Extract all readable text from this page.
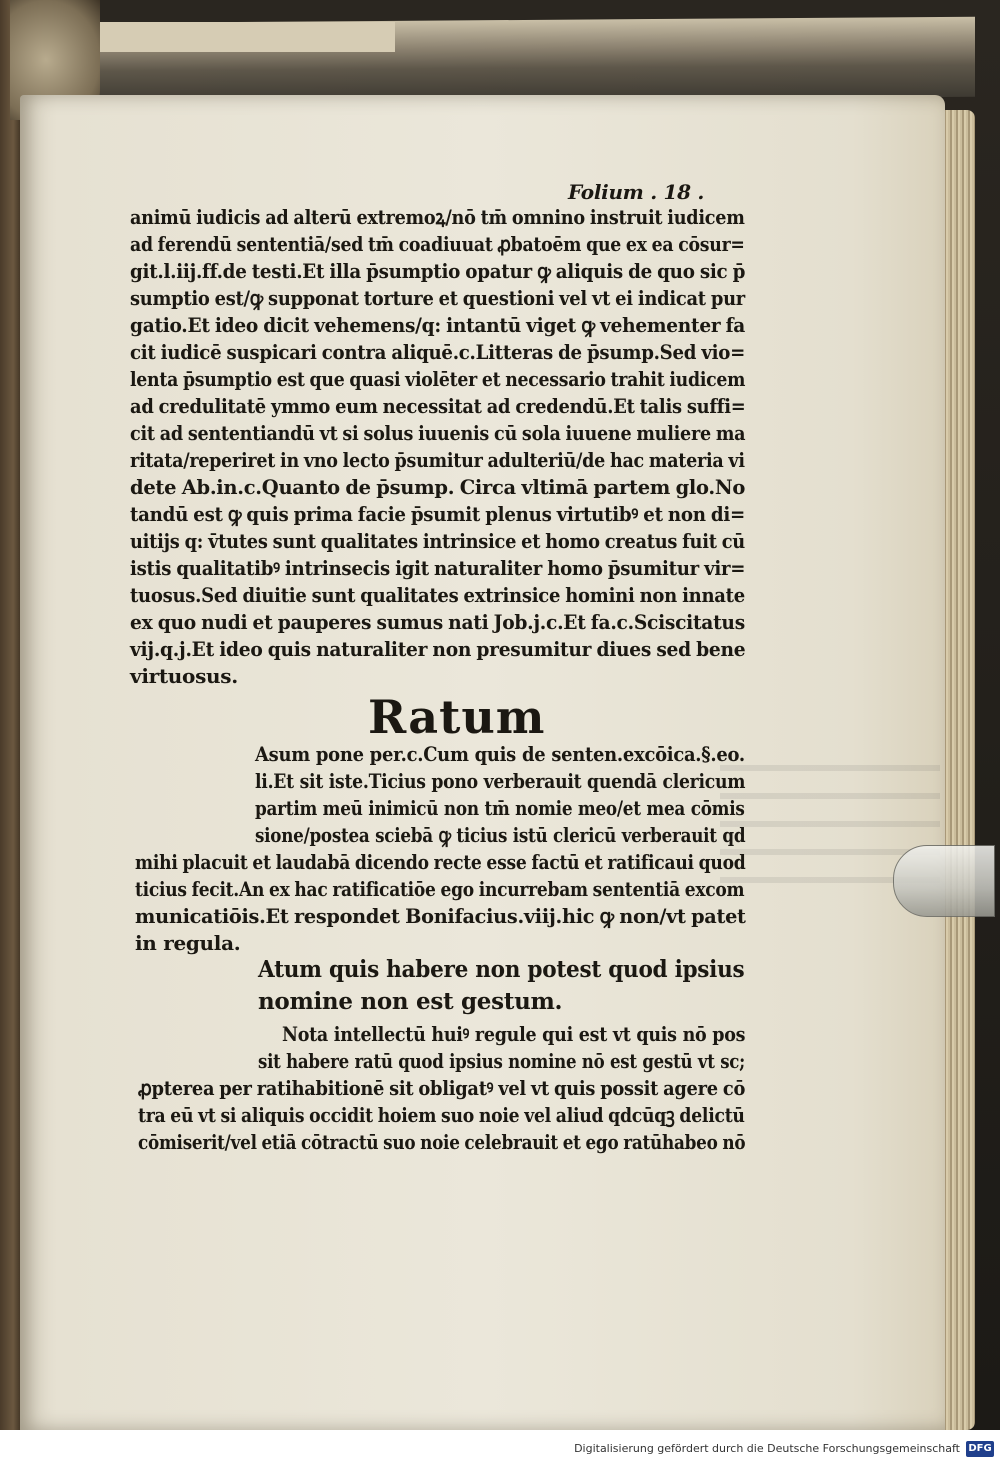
Folium . 18 .
animū iudicis ad alterū extremoꝝ/nō tm̄ omnino instruit iudicem
ad ferendū sententiā/sed tm̄ coadiuuat ꝓbatoēm que ex ea cōsur=
git.l.iij.ff.de testi.Et illa p̄sumptio opatur ꝙ aliquis de quo sic p̄
sumptio est/ꝙ supponat torture et questioni vel vt ei indicat pur
gatio.Et ideo dicit vehemens/q: intantū viget ꝙ vehementer fa
cit iudicē suspicari contra aliquē.c.Litteras de p̄sump.Sed vio=
lenta p̄sumptio est que quasi violēter et necessario trahit iudicem
ad credulitatē ymmo eum necessitat ad credendū.Et talis suffi=
cit ad sententiandū vt si solus iuuenis cū sola iuuene muliere ma
ritata/reperiret in vno lecto p̄sumitur adulteriū/de hac materia vi
dete Ab.in.c.Quanto de p̄sump. Circa vltimā partem glo.No
tandū est ꝙ quis prima facie p̄sumit plenus virtutibꝰ et non di=
uitijs q: v̄tutes sunt qualitates intrinsice et homo creatus fuit cū
istis qualitatibꝰ intrinsecis igit naturaliter homo p̄sumitur vir=
tuosus.Sed diuitie sunt qualitates extrinsice homini non innate
ex quo nudi et pauperes sumus nati Job.j.c.Et fa.c.Sciscitatus
vij.q.j.Et ideo quis naturaliter non presumitur diues sed bene
virtuosus.
Ratum
Asum pone per.c.Cum quis de senten.excōica.§.eo.
li.Et sit iste.Ticius pono verberauit quendā clericum
partim meū inimicū non tm̄ nomie meo/et mea cōmis
sione/postea sciebā ꝙ ticius istū clericū verberauit qd
mihi placuit et laudabā dicendo recte esse factū et ratificaui quod
ticius fecit.An ex hac ratificatiōe ego incurrebam sententiā excom
municatiōis.Et respondet Bonifacius.viij.hic ꝙ non/vt patet
in regula.
Atum quis habere non potest quod ipsius
nomine non est gestum.
Nota intellectū huiꝰ regule qui est vt quis nō pos
sit habere ratū quod ipsius nomine nō est gestū vt sc;
ꝓpterea per ratihabitionē sit obligatꝰ vel vt quis possit agere cō
tra eū vt si aliquis occidit hoiem suo noie vel aliud qdcūqꝫ delictū
cōmiserit/vel etiā cōtractū suo noie celebrauit et ego ratūhabeo nō
Digitalisierung gefördert durch die Deutsche Forschungsgemeinschaft DFG
